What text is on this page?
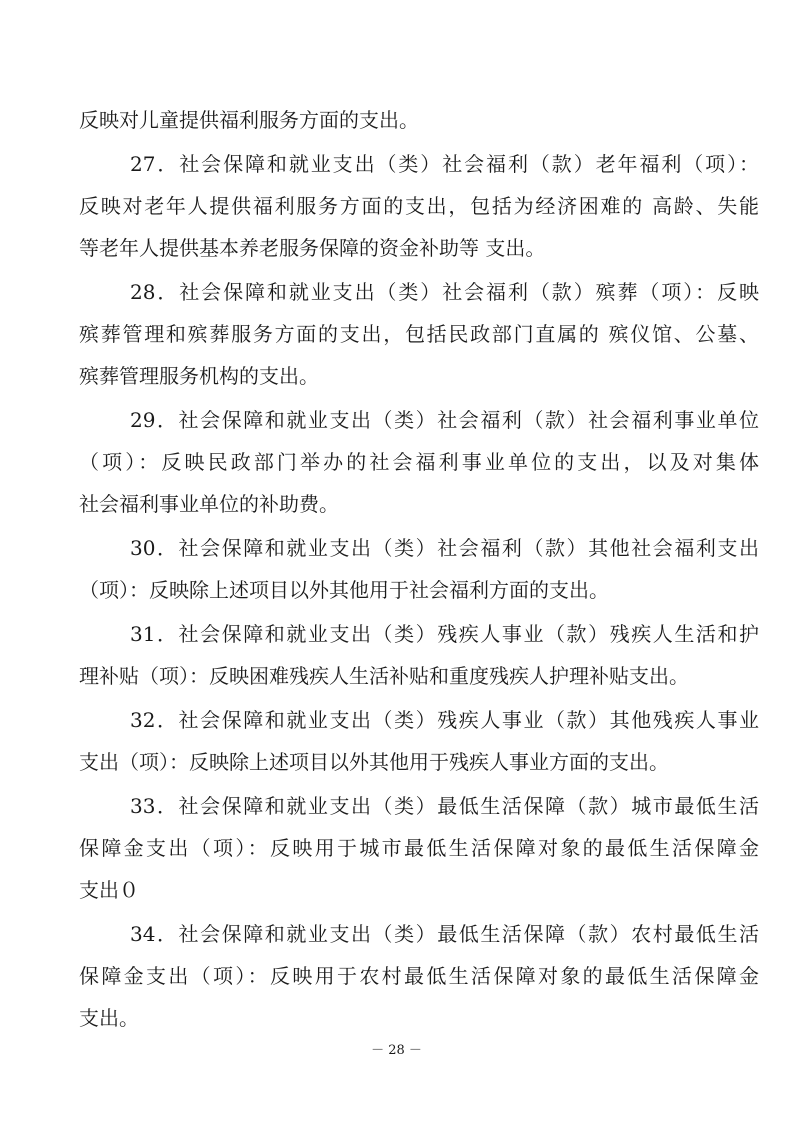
反映对儿童提供福利服务方面的支出。
27．社会保障和就业支出（类）社会福利（款）老年福利（项）：
反映对老年人提供福利服务方面的支出，包括为经济困难的 高龄、失能
等老年人提供基本养老服务保障的资金补助等 支出。
28．社会保障和就业支出（类）社会福利（款）殡葬（项）：反映
殡葬管理和殡葬服务方面的支出，包括民政部门直属的 殡仪馆、公墓、
殡葬管理服务机构的支出。
29．社会保障和就业支出（类）社会福利（款）社会福利事业单位
（项）：反映民政部门举办的社会福利事业单位的支出，以及对集体
社会福利事业单位的补助费。
30．社会保障和就业支出（类）社会福利（款）其他社会福利支出
（项）：反映除上述项目以外其他用于社会福利方面的支出。
31．社会保障和就业支出（类）残疾人事业（款）残疾人生活和护
理补贴（项）：反映困难残疾人生活补贴和重度残疾人护理补贴支出。
32．社会保障和就业支出（类）残疾人事业（款）其他残疾人事业
支出（项）：反映除上述项目以外其他用于残疾人事业方面的支出。
33．社会保障和就业支出（类）最低生活保障（款）城市最低生活
保障金支出（项）：反映用于城市最低生活保障对象的最低生活保障金
支出０
34．社会保障和就业支出（类）最低生活保障（款）农村最低生活
保障金支出（项）：反映用于农村最低生活保障对象的最低生活保障金
支出。
－ 28 －
